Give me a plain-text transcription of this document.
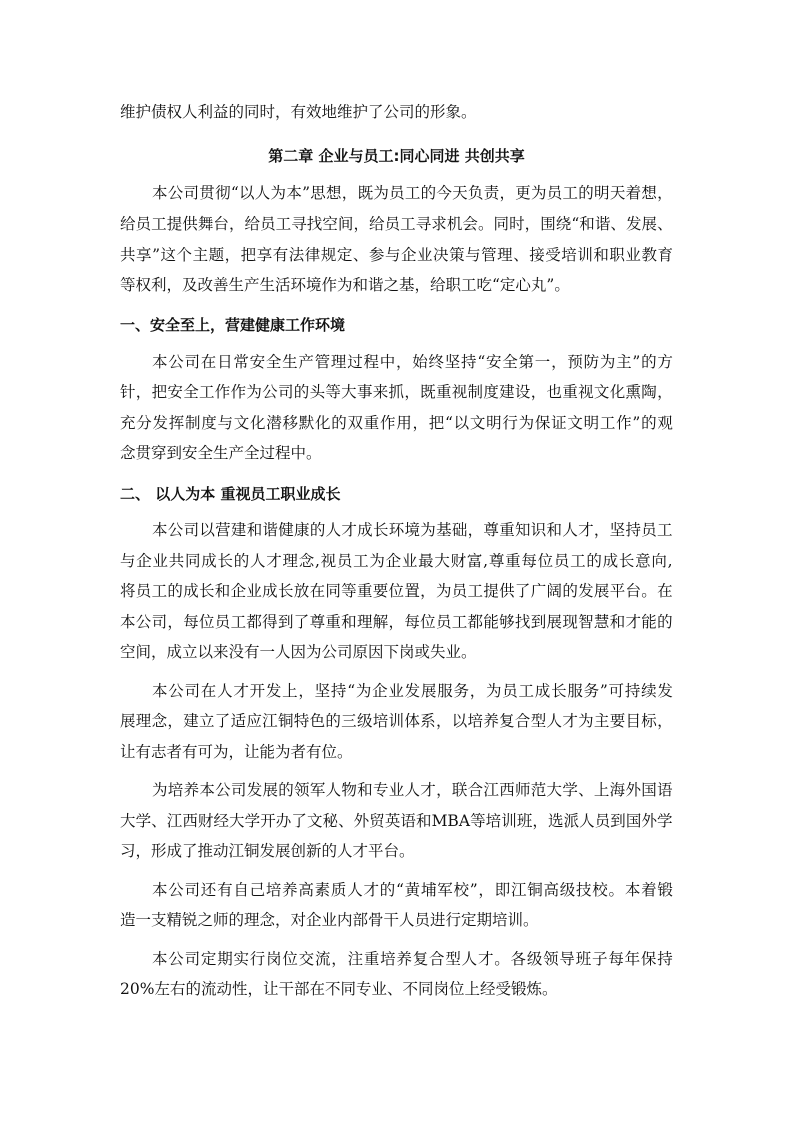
维护债权人利益的同时，有效地维护了公司的形象。
第二章 企业与员工:同心同进 共创共享
本 公 司 贯 彻 “ 以 人 为 本 ” 思 想 ， 既 为 员 工 的 今 天 负 责 ， 更 为 员 工 的 明 天 着 想 ，
给 员 工 提 供 舞 台 ， 给 员 工 寻 找 空 间 ， 给 员 工 寻 求 机 会 。 同 时 ， 围 绕 “ 和 谐 、 发 展 、
共 享 ” 这 个 主 题 ， 把 享 有 法 律 规 定 、 参 与 企 业 决 策 与 管 理 、 接 受 培 训 和 职 业 教 育
等权利，及改善生产生活环境作为和谐之基，给职工吃“定心丸”。
一、安全至上，营建健康工作环境
本 公 司 在 日 常 安 全 生 产 管 理 过 程 中 ， 始 终 坚 持 “ 安 全 第 一 ， 预 防 为 主 ” 的 方
针 ， 把 安 全 工 作 作 为 公 司 的 头 等 大 事 来 抓 ， 既 重 视 制 度 建 设 ， 也 重 视 文 化 熏 陶 ，
充 分 发 挥 制 度 与 文 化 潜 移 默 化 的 双 重 作 用 ， 把 “ 以 文 明 行 为 保 证 文 明 工 作 ” 的 观
念贯穿到安全生产全过程中。
二、 以人为本 重视员工职业成长
本 公 司 以 营 建 和 谐 健 康 的 人 才 成 长 环 境 为 基 础 ， 尊 重 知 识 和 人 才 ， 坚 持 员 工
与 企 业 共 同 成 长 的 人 才 理 念 , 视 员 工 为 企 业 最 大 财 富 , 尊 重 每 位 员 工 的 成 长 意 向 ,
将 员 工 的 成 长 和 企 业 成 长 放 在 同 等 重 要 位 置 ， 为 员 工 提 供 了 广 阔 的 发 展 平 台 。 在
本 公 司 ， 每 位 员 工 都 得 到 了 尊 重 和 理 解 ， 每 位 员 工 都 能 够 找 到 展 现 智 慧 和 才 能 的
空间，成立以来没有一人因为公司原因下岗或失业。
本 公 司 在 人 才 开 发 上 ， 坚 持 “ 为 企 业 发 展 服 务 ， 为 员 工 成 长 服 务 ” 可 持 续 发
展 理 念 ， 建 立 了 适 应 江 铜 特 色 的 三 级 培 训 体 系 ， 以 培 养 复 合 型 人 才 为 主 要 目 标 ，
让有志者有可为，让能为者有位。
为 培 养 本 公 司 发 展 的 领 军 人 物 和 专 业 人 才 ， 联 合 江 西 师 范 大 学 、 上 海 外 国 语
大 学 、 江 西 财 经 大 学 开 办 了 文 秘 、 外 贸 英 语 和 MBA 等 培 训 班 ， 选 派 人 员 到 国 外 学
习，形成了推动江铜发展创新的人才平台。
本 公 司 还 有 自 己 培 养 高 素 质 人 才 的 “ 黄 埔 军 校 ” ， 即 江 铜 高 级 技 校 。 本 着 锻
造一支精锐之师的理念，对企业内部骨干人员进行定期培训。
本 公 司 定 期 实 行 岗 位 交 流 ， 注 重 培 养 复 合 型 人 才 。 各 级 领 导 班 子 每 年 保 持
20%左右的流动性，让干部在不同专业、不同岗位上经受锻炼。
